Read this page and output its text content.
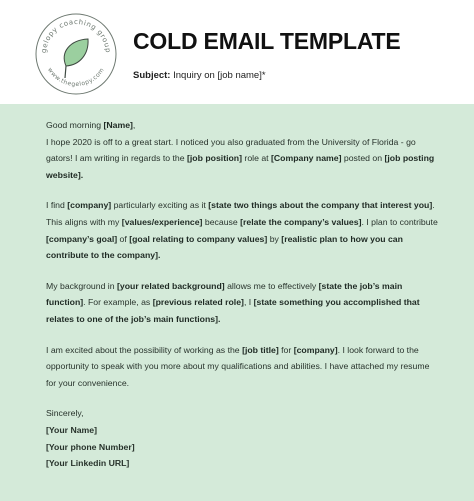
gelopy coaching group
www.thegelopy.com
COLD EMAIL TEMPLATE
Subject: Inquiry on [job name]*

Good morning [Name],
I hope 2020 is off to a great start. I noticed you also graduated from the University of Florida - go gators! I am writing in regards to the [job position] role at [Company name] posted on [job posting website].

I find [company] particularly exciting as it [state two things about the company that interest you]. This aligns with my [values/experience] because [relate the company’s values]. I plan to contribute [company’s goal] of [goal relating to company values] by [realistic plan to how you can contribute to the company].

My background in [your related background] allows me to effectively [state the job’s main function]. For example, as [previous related role], I [state something you accomplished that relates to one of the job’s main functions].

I am excited about the possibility of working as the [job title] for [company]. I look forward to the opportunity to speak with you more about my qualifications and abilities. I have attached my resume for your convenience.

Sincerely,
[Your Name]
[Your phone Number]
[Your Linkedin URL]
